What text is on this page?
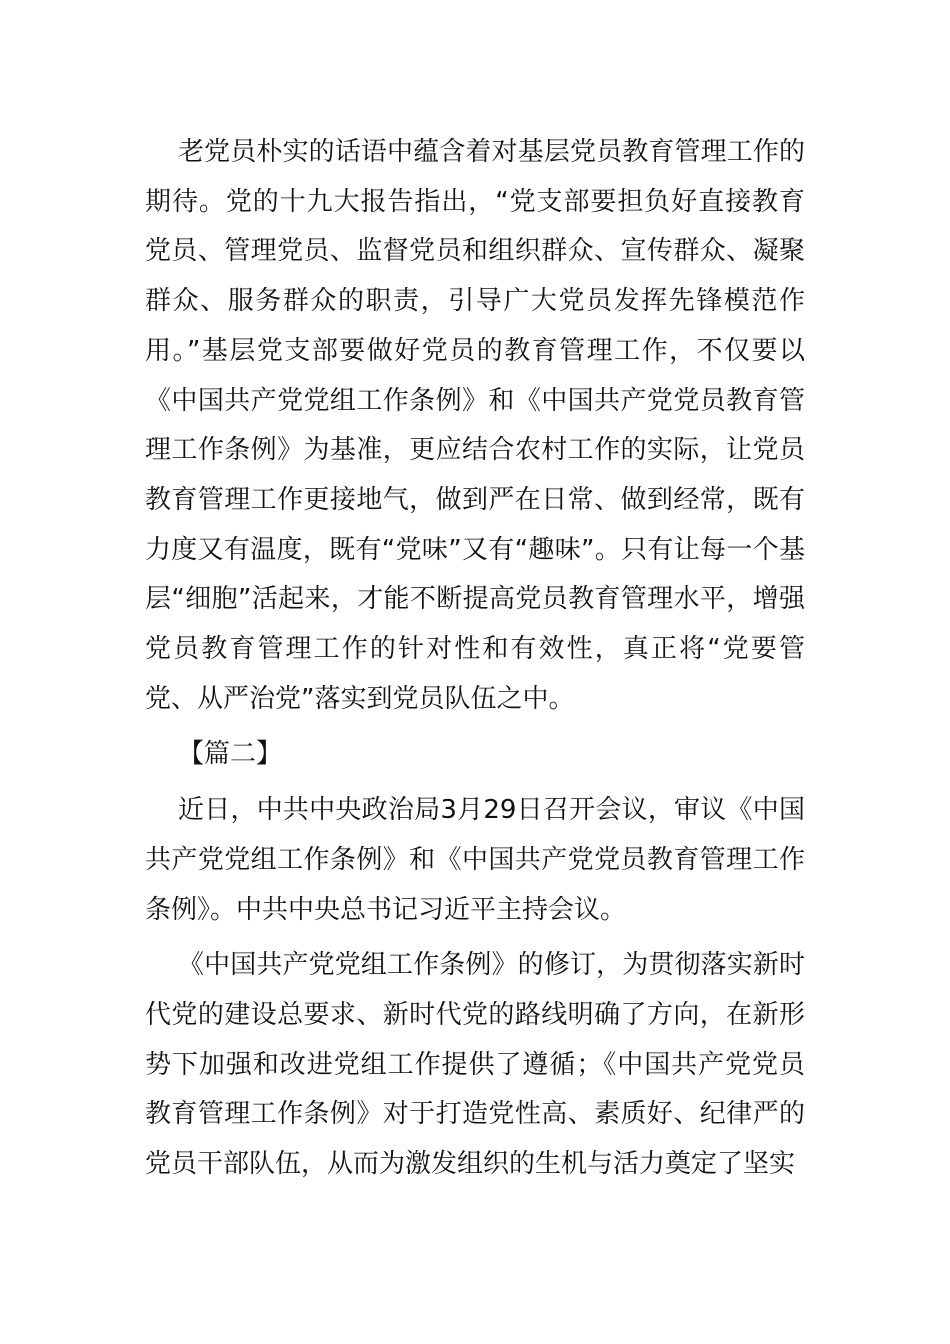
老党员朴实的话语中蕴含着对基层党员教育管理工作的期待。党的十九大报告指出，“党支部要担负好直接教育党员、管理党员、监督党员和组织群众、宣传群众、凝聚群众、服务群众的职责，引导广大党员发挥先锋模范作用。”基层党支部要做好党员的教育管理工作，不仅要以《中国共产党党组工作条例》和《中国共产党党员教育管理工作条例》为基准，更应结合农村工作的实际，让党员教育管理工作更接地气，做到严在日常、做到经常，既有力度又有温度，既有“党味”又有“趣味”。只有让每一个基层“细胞”活起来，才能不断提高党员教育管理水平，增强党员教育管理工作的针对性和有效性，真正将“党要管党、从严治党”落实到党员队伍之中。

【篇二】

近日，中共中央政治局3月29日召开会议，审议《中国共产党党组工作条例》和《中国共产党党员教育管理工作条例》。中共中央总书记习近平主持会议。

《中国共产党党组工作条例》的修订，为贯彻落实新时代党的建设总要求、新时代党的路线明确了方向，在新形势下加强和改进党组工作提供了遵循；《中国共产党党员教育管理工作条例》对于打造党性高、素质好、纪律严的党员干部队伍，从而为激发组织的生机与活力奠定了坚实
